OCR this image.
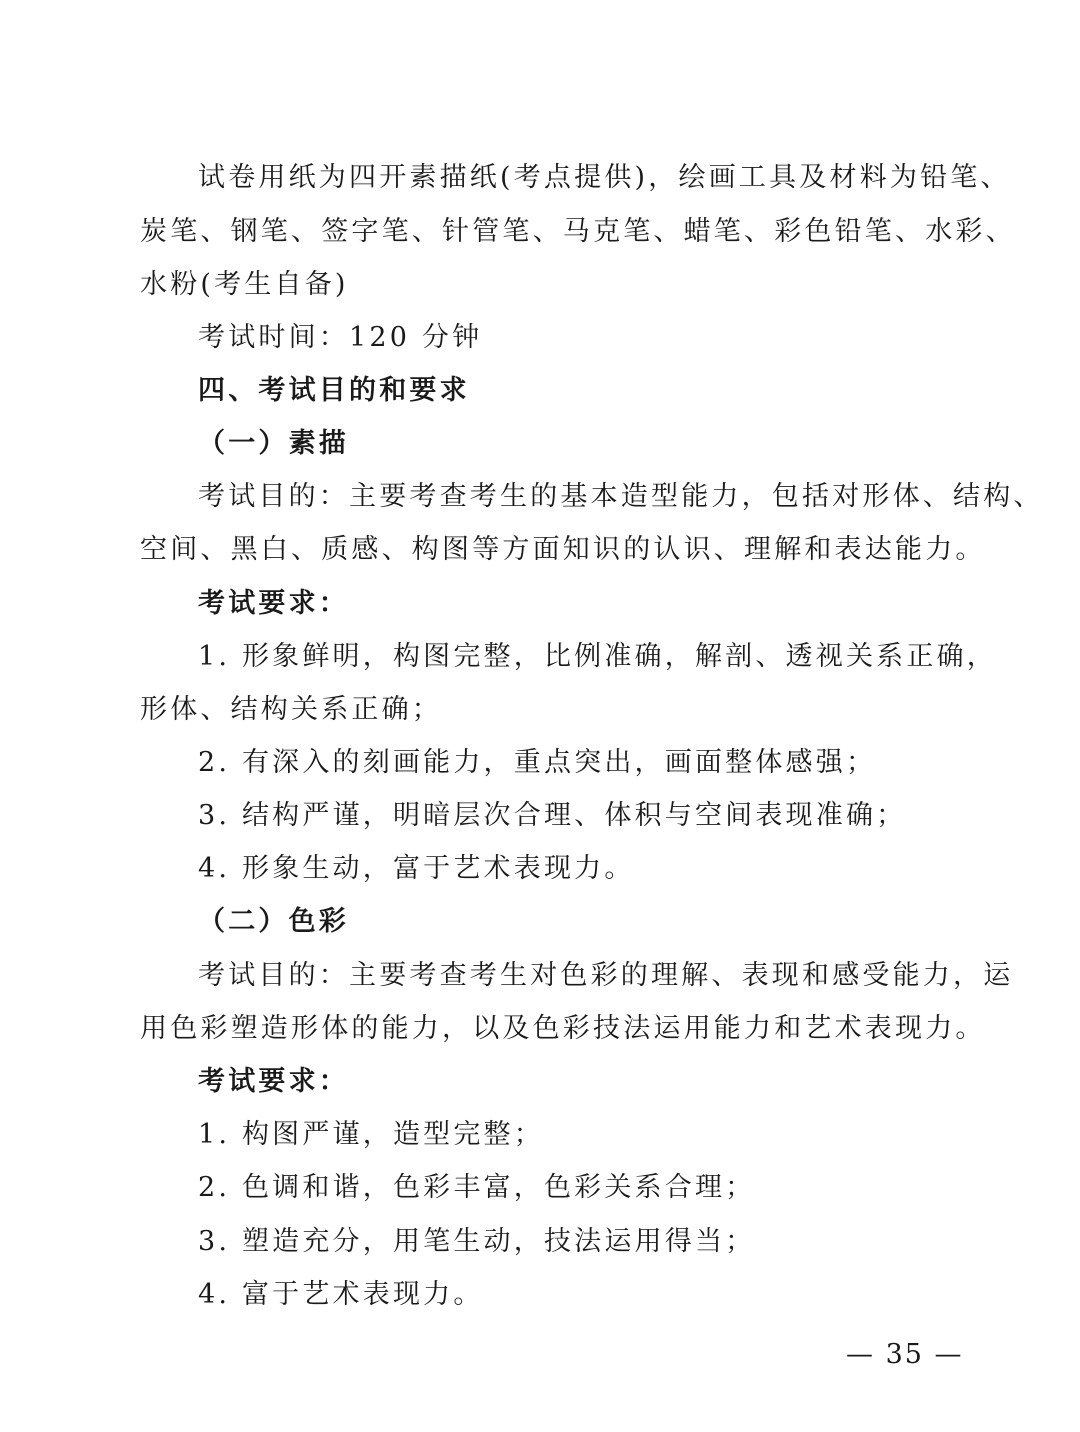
试卷用纸为四开素描纸(考点提供)，绘画工具及材料为铅笔、
炭笔、钢笔、签字笔、针管笔、马克笔、蜡笔、彩色铅笔、水彩、
水粉(考生自备)
考试时间：120 分钟
四、考试目的和要求
（一）素描
考试目的：主要考查考生的基本造型能力，包括对形体、结构、
空间、黑白、质感、构图等方面知识的认识、理解和表达能力。
考试要求：
1. 形象鲜明，构图完整，比例准确，解剖、透视关系正确，
形体、结构关系正确；
2. 有深入的刻画能力，重点突出，画面整体感强；
3. 结构严谨，明暗层次合理、体积与空间表现准确；
4. 形象生动，富于艺术表现力。
（二）色彩
考试目的：主要考查考生对色彩的理解、表现和感受能力，运
用色彩塑造形体的能力，以及色彩技法运用能力和艺术表现力。
考试要求：
1. 构图严谨，造型完整；
2. 色调和谐，色彩丰富，色彩关系合理；
3. 塑造充分，用笔生动，技法运用得当；
4. 富于艺术表现力。
— 35 —
